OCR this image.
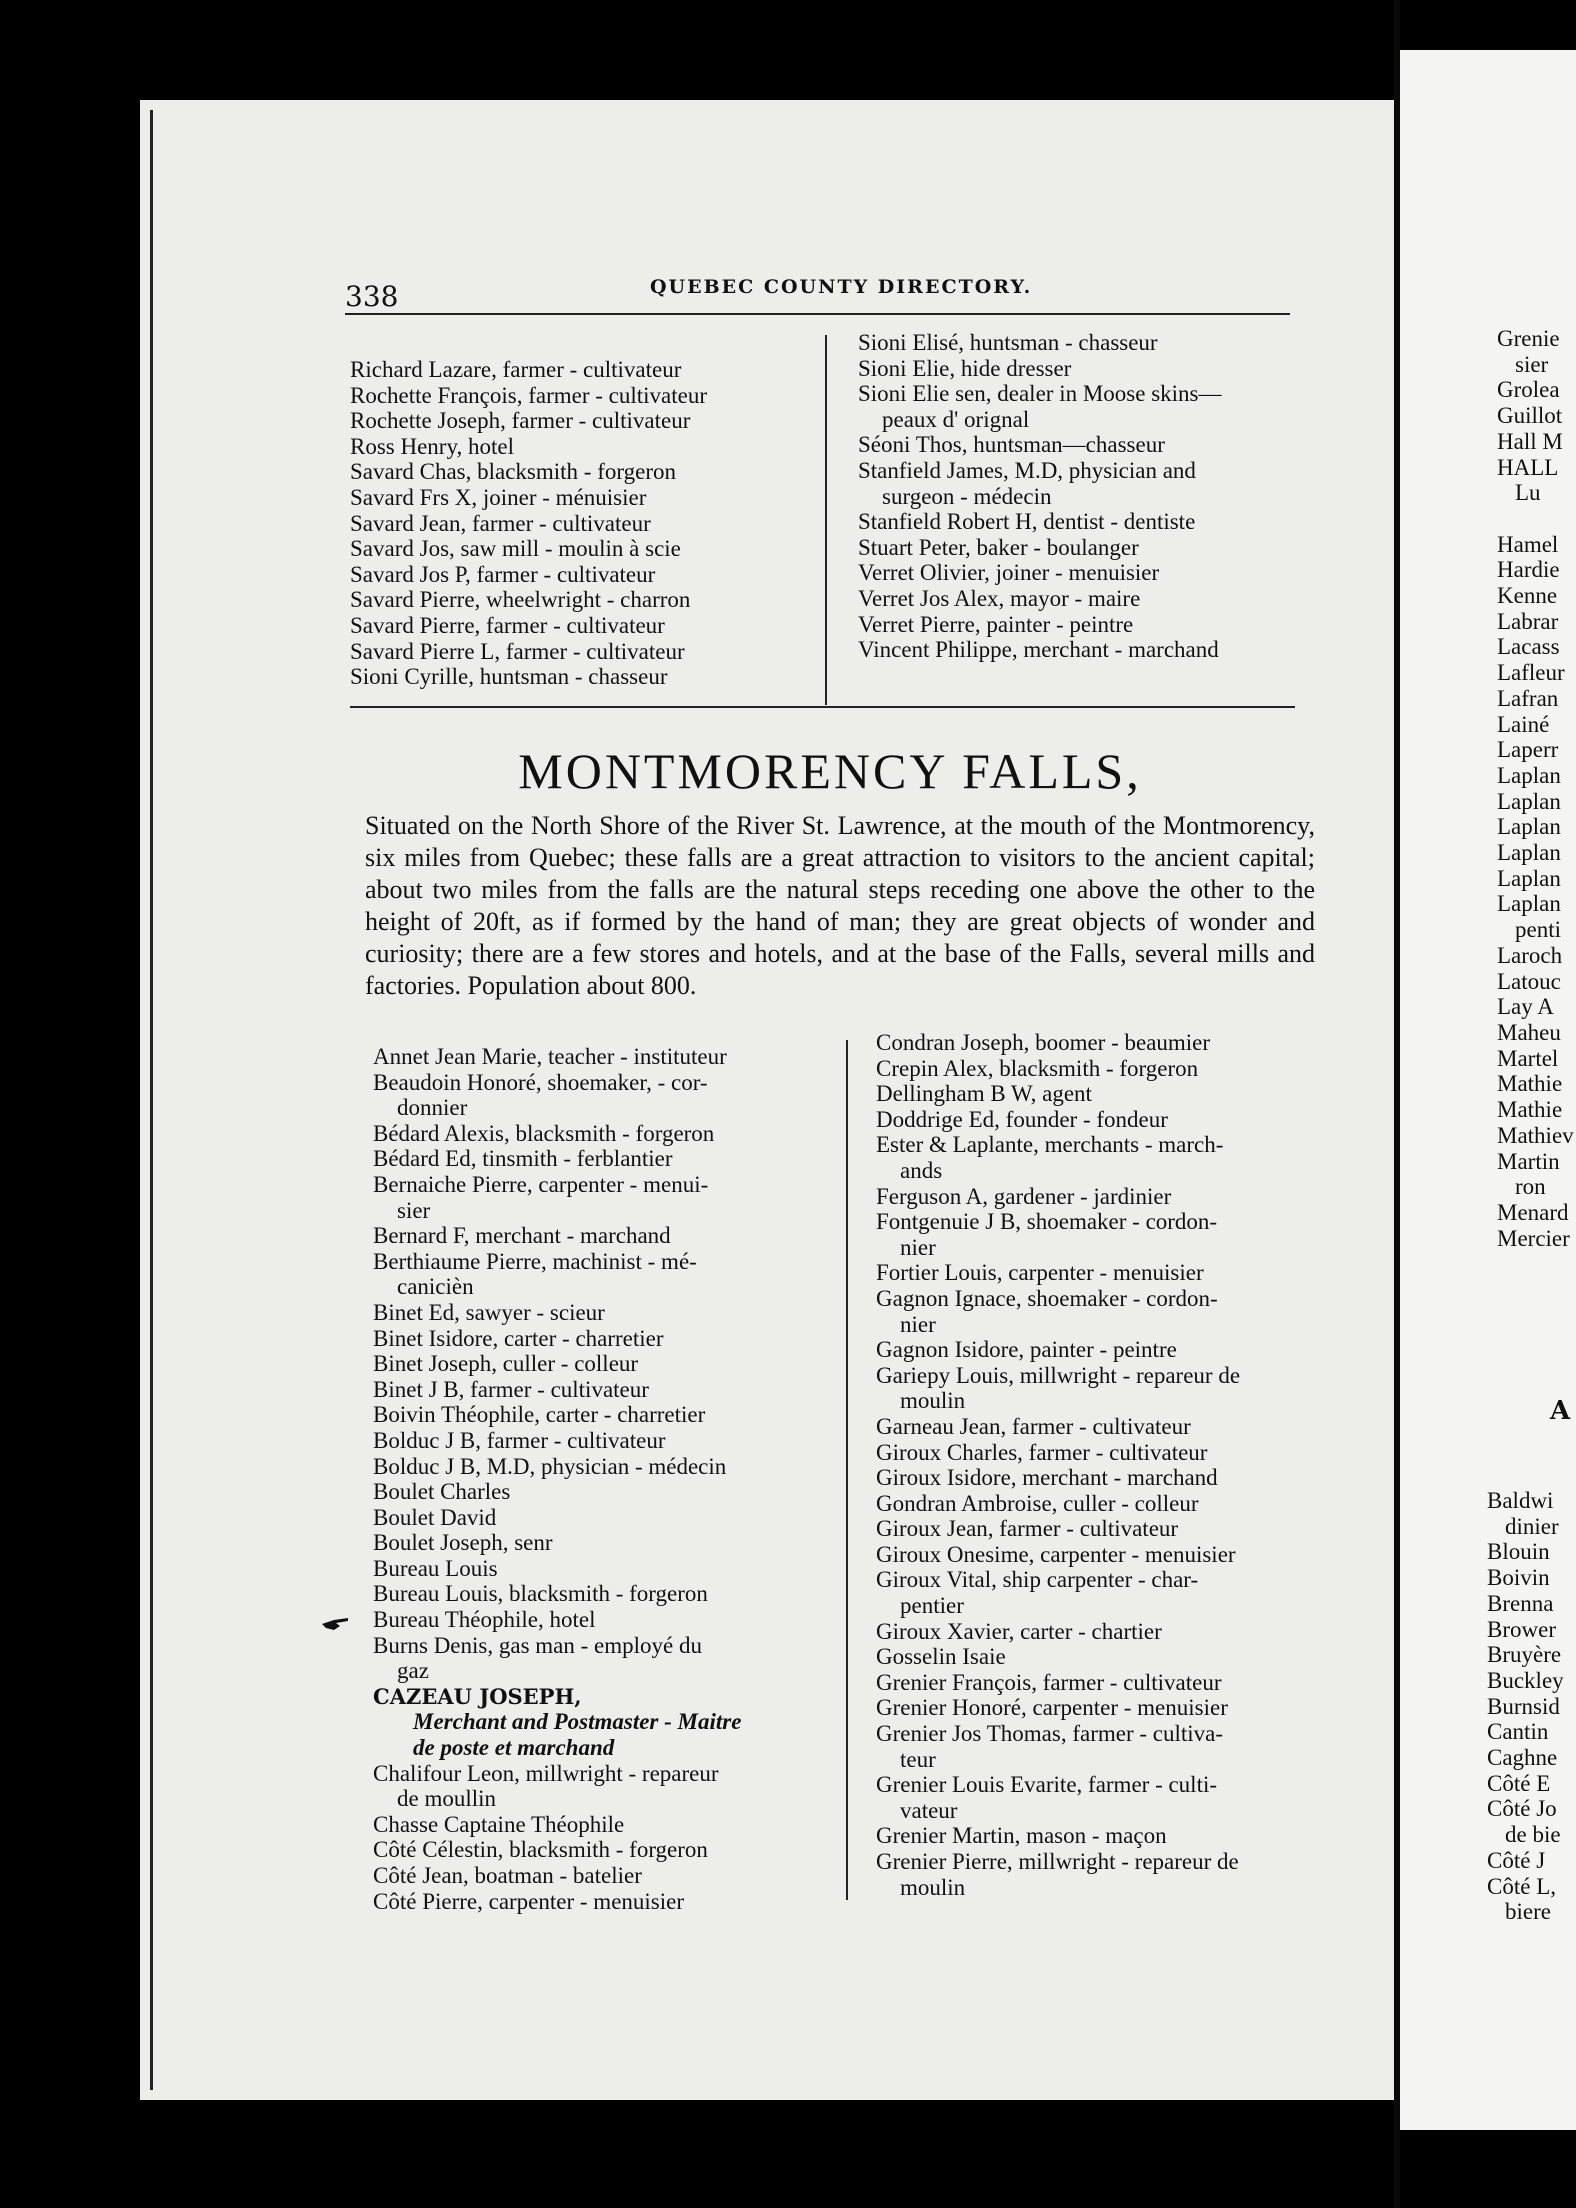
338	QUEBEC COUNTY DIRECTORY.
Richard Lazare, farmer - cultivateur
Rochette François, farmer - cultivateur
Rochette Joseph, farmer - cultivateur
Ross Henry, hotel
Savard Chas, blacksmith - forgeron
Savard Frs X, joiner - ménuisier
Savard Jean, farmer - cultivateur
Savard Jos, saw mill - moulin à scie
Savard Jos P, farmer - cultivateur
Savard Pierre, wheelwright - charron
Savard Pierre, farmer - cultivateur
Savard Pierre L, farmer - cultivateur
Sioni Cyrille, huntsman - chasseur
Sioni Elisé, huntsman - chasseur
Sioni Elie, hide dresser
Sioni Elie sen, dealer in Moose skins—
peaux d' orignal
Séoni Thos, huntsman—chasseur
Stanfield James, M.D, physician and
surgeon - médecin
Stanfield Robert H, dentist - dentiste
Stuart Peter, baker - boulanger
Verret Olivier, joiner - menuisier
Verret Jos Alex, mayor - maire
Verret Pierre, painter - peintre
Vincent Philippe, merchant - marchand
MONTMORENCY FALLS,
Situated on the North Shore of the River St. Lawrence, at the mouth of the Montmorency, six miles from Quebec; these falls are a great attraction to visitors to the ancient capital; about two miles from the falls are the natural steps receding one above the other to the height of 20ft, as if formed by the hand of man; they are great objects of wonder and curiosity; there are a few stores and hotels, and at the base of the Falls, several mills and factories. Population about 800.
Annet Jean Marie, teacher - instituteur
Beaudoin Honoré, shoemaker, - cor-
donnier
Bédard Alexis, blacksmith - forgeron
Bédard Ed, tinsmith - ferblantier
Bernaiche Pierre, carpenter - menui-
sier
Bernard F, merchant - marchand
Berthiaume Pierre, machinist - mé-
canicièn
Binet Ed, sawyer - scieur
Binet Isidore, carter - charretier
Binet Joseph, culler - colleur
Binet J B, farmer - cultivateur
Boivin Théophile, carter - charretier
Bolduc J B, farmer - cultivateur
Bolduc J B, M.D, physician - médecin
Boulet Charles
Boulet David
Boulet Joseph, senr
Bureau Louis
Bureau Louis, blacksmith - forgeron
Bureau Théophile, hotel
Burns Denis, gas man - employé du
gaz
CAZEAU JOSEPH,
Merchant and Postmaster - Maitre
de poste et marchand
Chalifour Leon, millwright - repareur
de moullin
Chasse Captaine Théophile
Côté Célestin, blacksmith - forgeron
Côté Jean, boatman - batelier
Côté Pierre, carpenter - menuisier
Condran Joseph, boomer - beaumier
Crepin Alex, blacksmith - forgeron
Dellingham B W, agent
Doddrige Ed, founder - fondeur
Ester & Laplante, merchants - march-
ands
Ferguson A, gardener - jardinier
Fontgenuie J B, shoemaker - cordon-
nier
Fortier Louis, carpenter - menuisier
Gagnon Ignace, shoemaker - cordon-
nier
Gagnon Isidore, painter - peintre
Gariepy Louis, millwright - repareur de
moulin
Garneau Jean, farmer - cultivateur
Giroux Charles, farmer - cultivateur
Giroux Isidore, merchant - marchand
Gondran Ambroise, culler - colleur
Giroux Jean, farmer - cultivateur
Giroux Onesime, carpenter - menuisier
Giroux Vital, ship carpenter - char-
pentier
Giroux Xavier, carter - chartier
Gosselin Isaie
Grenier François, farmer - cultivateur
Grenier Honoré, carpenter - menuisier
Grenier Jos Thomas, farmer - cultiva-
teur
Grenier Louis Evarite, farmer - culti-
vateur
Grenier Martin, mason - maçon
Grenier Pierre, millwright - repareur de
moulin
Grenie
sier
Grolea
Guillot
Hall M
HALL
Lu

Hamel
Hardie
Kenne
Labrar
Lacass
Lafleur
Lafran
Lainé
Laperr
Laplan
Laplan
Laplan
Laplan
Laplan
Laplan
penti
Laroch
Latouc
Lay A
Maheu
Martel
Mathie
Mathie
Mathiev
Martin
ron
Menard
Mercier
A
Baldwi
dinier
Blouin
Boivin
Brenna
Brower
Bruyère
Buckley
Burnsid
Cantin
Caghne
Côté E
Côté Jo
de bie
Côté J
Côté L,
biere
